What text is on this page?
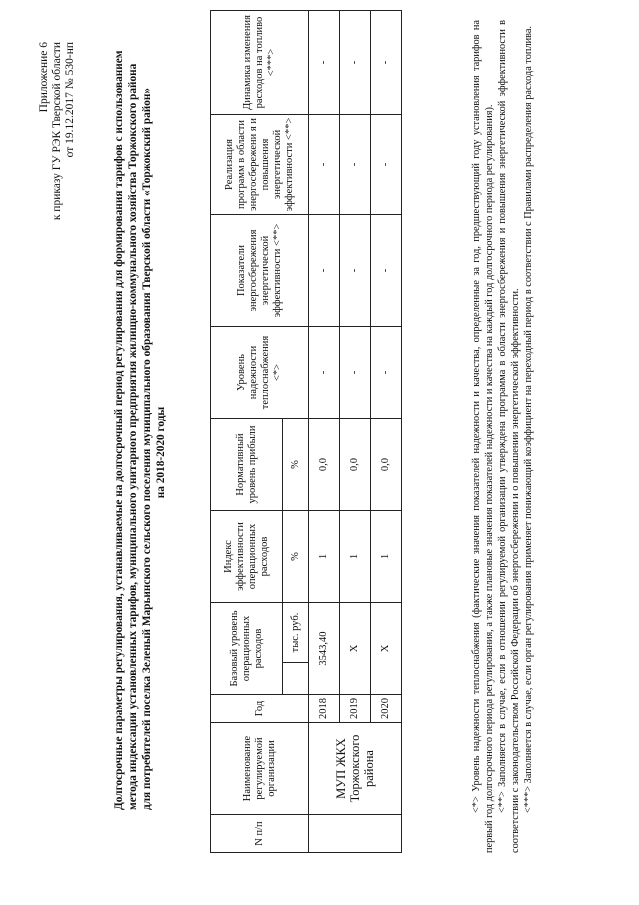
Приложение 6 к приказу ГУ РЭК Тверской области от 19.12.2017 № 530-нп	Долгосрочные параметры регулирования, устанавливаемые на долгосрочный период регулирования для формирования тарифов с использованием метода индексации установленных тарифов, муниципального унитарного предприятия жилищно-коммунального хозяйства Торжокского района для потребителей поселка Зеленый Марьинского сельского поселения муниципального образования Тверской области «Торжокский район» на 2018-2020 годы
N п/п	Наименование регулируемой организации	Год	Базовый уровень операционных расходов		Индекс эффективности операционных расходов	Нормативный уровень прибыли	Уровень надежности теплоснабжения <*>	Показатели энергосбережения энергетической эффективности <**>	Реализация программ в области энергосбережени я и повышения энергетической эффективности <**>	Динамика изменения расходов на топливо <***>
				тыс. руб.	%	%				
	МУП ЖКХ Торжокского района	2018	3543,40		1	0,0	-	-	-	-
		2019	Х		1	0,0	-	-	-	-
		2020	Х		1	0,0	-	-	-	-	<*> Уровень надежности теплоснабжения (фактические значения показателей надежности и качества, определенные за год, предшествующий году установления тарифов на первый год долгосрочного периода регулирования, а также плановые значения показателей надежности и качества на каждый год долгосрочного периода регулирования). <**> Заполняется в случае, если в отношении регулируемой организации утверждена программа в области энергосбережения и повышения энергетической эффективности в соответствии с законодательством Российской Федерации об энергосбережении и о повышении энергетической эффективности. <***> Заполняется в случае, если орган регулирования применяет понижающий коэффициент на переходный период в соответствии с Правилами распределения расхода топлива.
